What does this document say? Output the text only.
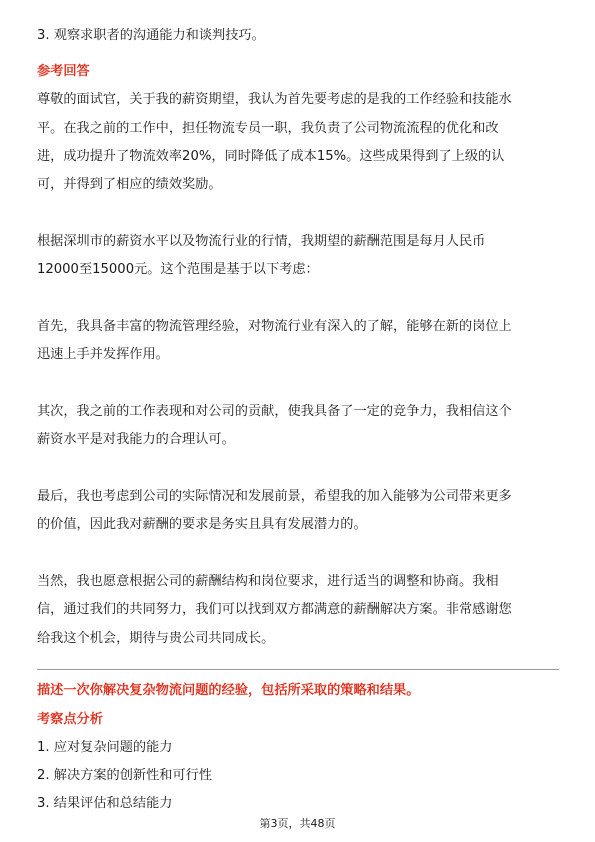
3. 观察求职者的沟通能力和谈判技巧。
参考回答
尊敬的面试官，关于我的薪资期望，我认为首先要考虑的是我的工作经验和技能水
平。在我之前的工作中，担任物流专员一职，我负责了公司物流流程的优化和改
进，成功提升了物流效率20%，同时降低了成本15%。这些成果得到了上级的认
可，并得到了相应的绩效奖励。
根据深圳市的薪资水平以及物流行业的行情，我期望的薪酬范围是每月人民币
12000至15000元。这个范围是基于以下考虑：
首先，我具备丰富的物流管理经验，对物流行业有深入的了解，能够在新的岗位上
迅速上手并发挥作用。
其次，我之前的工作表现和对公司的贡献，使我具备了一定的竞争力，我相信这个
薪资水平是对我能力的合理认可。
最后，我也考虑到公司的实际情况和发展前景，希望我的加入能够为公司带来更多
的价值，因此我对薪酬的要求是务实且具有发展潜力的。
当然，我也愿意根据公司的薪酬结构和岗位要求，进行适当的调整和协商。我相
信，通过我们的共同努力，我们可以找到双方都满意的薪酬解决方案。非常感谢您
给我这个机会，期待与贵公司共同成长。
描述一次你解决复杂物流问题的经验，包括所采取的策略和结果。
考察点分析
1. 应对复杂问题的能力
2. 解决方案的创新性和可行性
3. 结果评估和总结能力
第3页，共48页
